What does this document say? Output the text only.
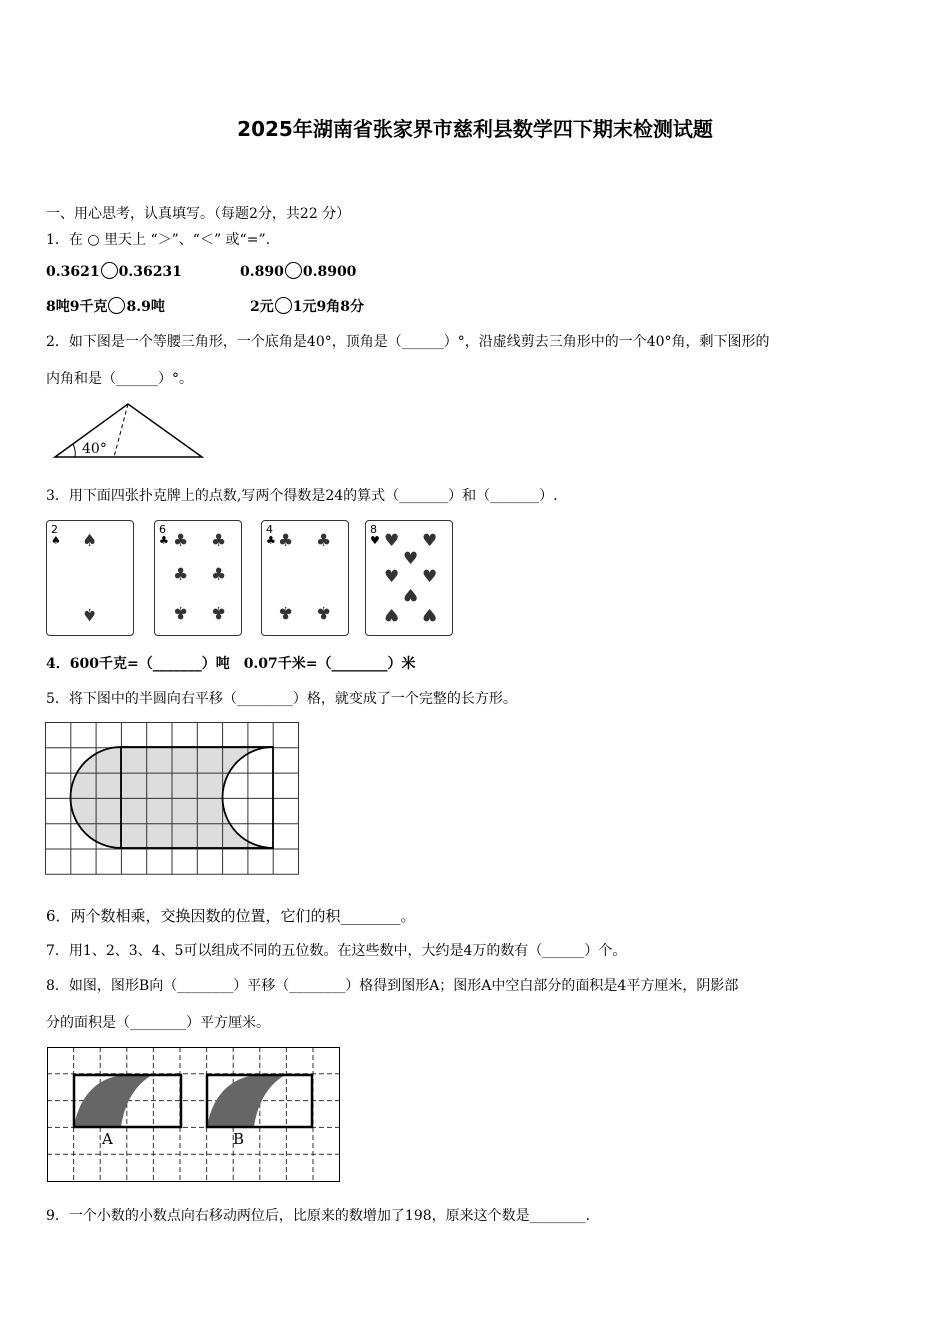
2025年湖南省张家界市慈利县数学四下期末检测试题
一、用心思考，认真填写。（每题2分，共22 分）
1．在 ○ 里天上 “＞”、“＜” 或“=”.
0.3621 0.36231	0.890 0.8900
8吨9千克 8.9吨	2元 1元9角8分
2．如下图是一个等腰三角形，一个底角是40°，顶角是（______）°，沿虚线剪去三角形中的一个40°角，剩下图形的
内角和是（______）°。
40°
3．用下面四张扑克牌上的点数,写两个得数是24的算式（_______）和（_______）.
2
♠ ♠
♠
6
♣ ♣ ♣
♣ ♣
♣ ♣
4
♣ ♣ ♣
♣ ♣
8
♥ ♥ ♥
♥ ♥
♥
♥
♥ ♥
4．600千克=（_______）吨　0.07千米=（________）米
5．将下图中的半圆向右平移（________）格，就变成了一个完整的长方形。
6．两个数相乘，交换因数的位置，它们的积________。
7．用1、2、3、4、5可以组成不同的五位数。在这些数中，大约是4万的数有（______）个。
8．如图，图形B向（________）平移（________）格得到图形A；图形A中空白部分的面积是4平方厘米，阴影部
分的面积是（________）平方厘米。
A	B
9．一个小数的小数点向右移动两位后，比原来的数增加了198，原来这个数是________.
